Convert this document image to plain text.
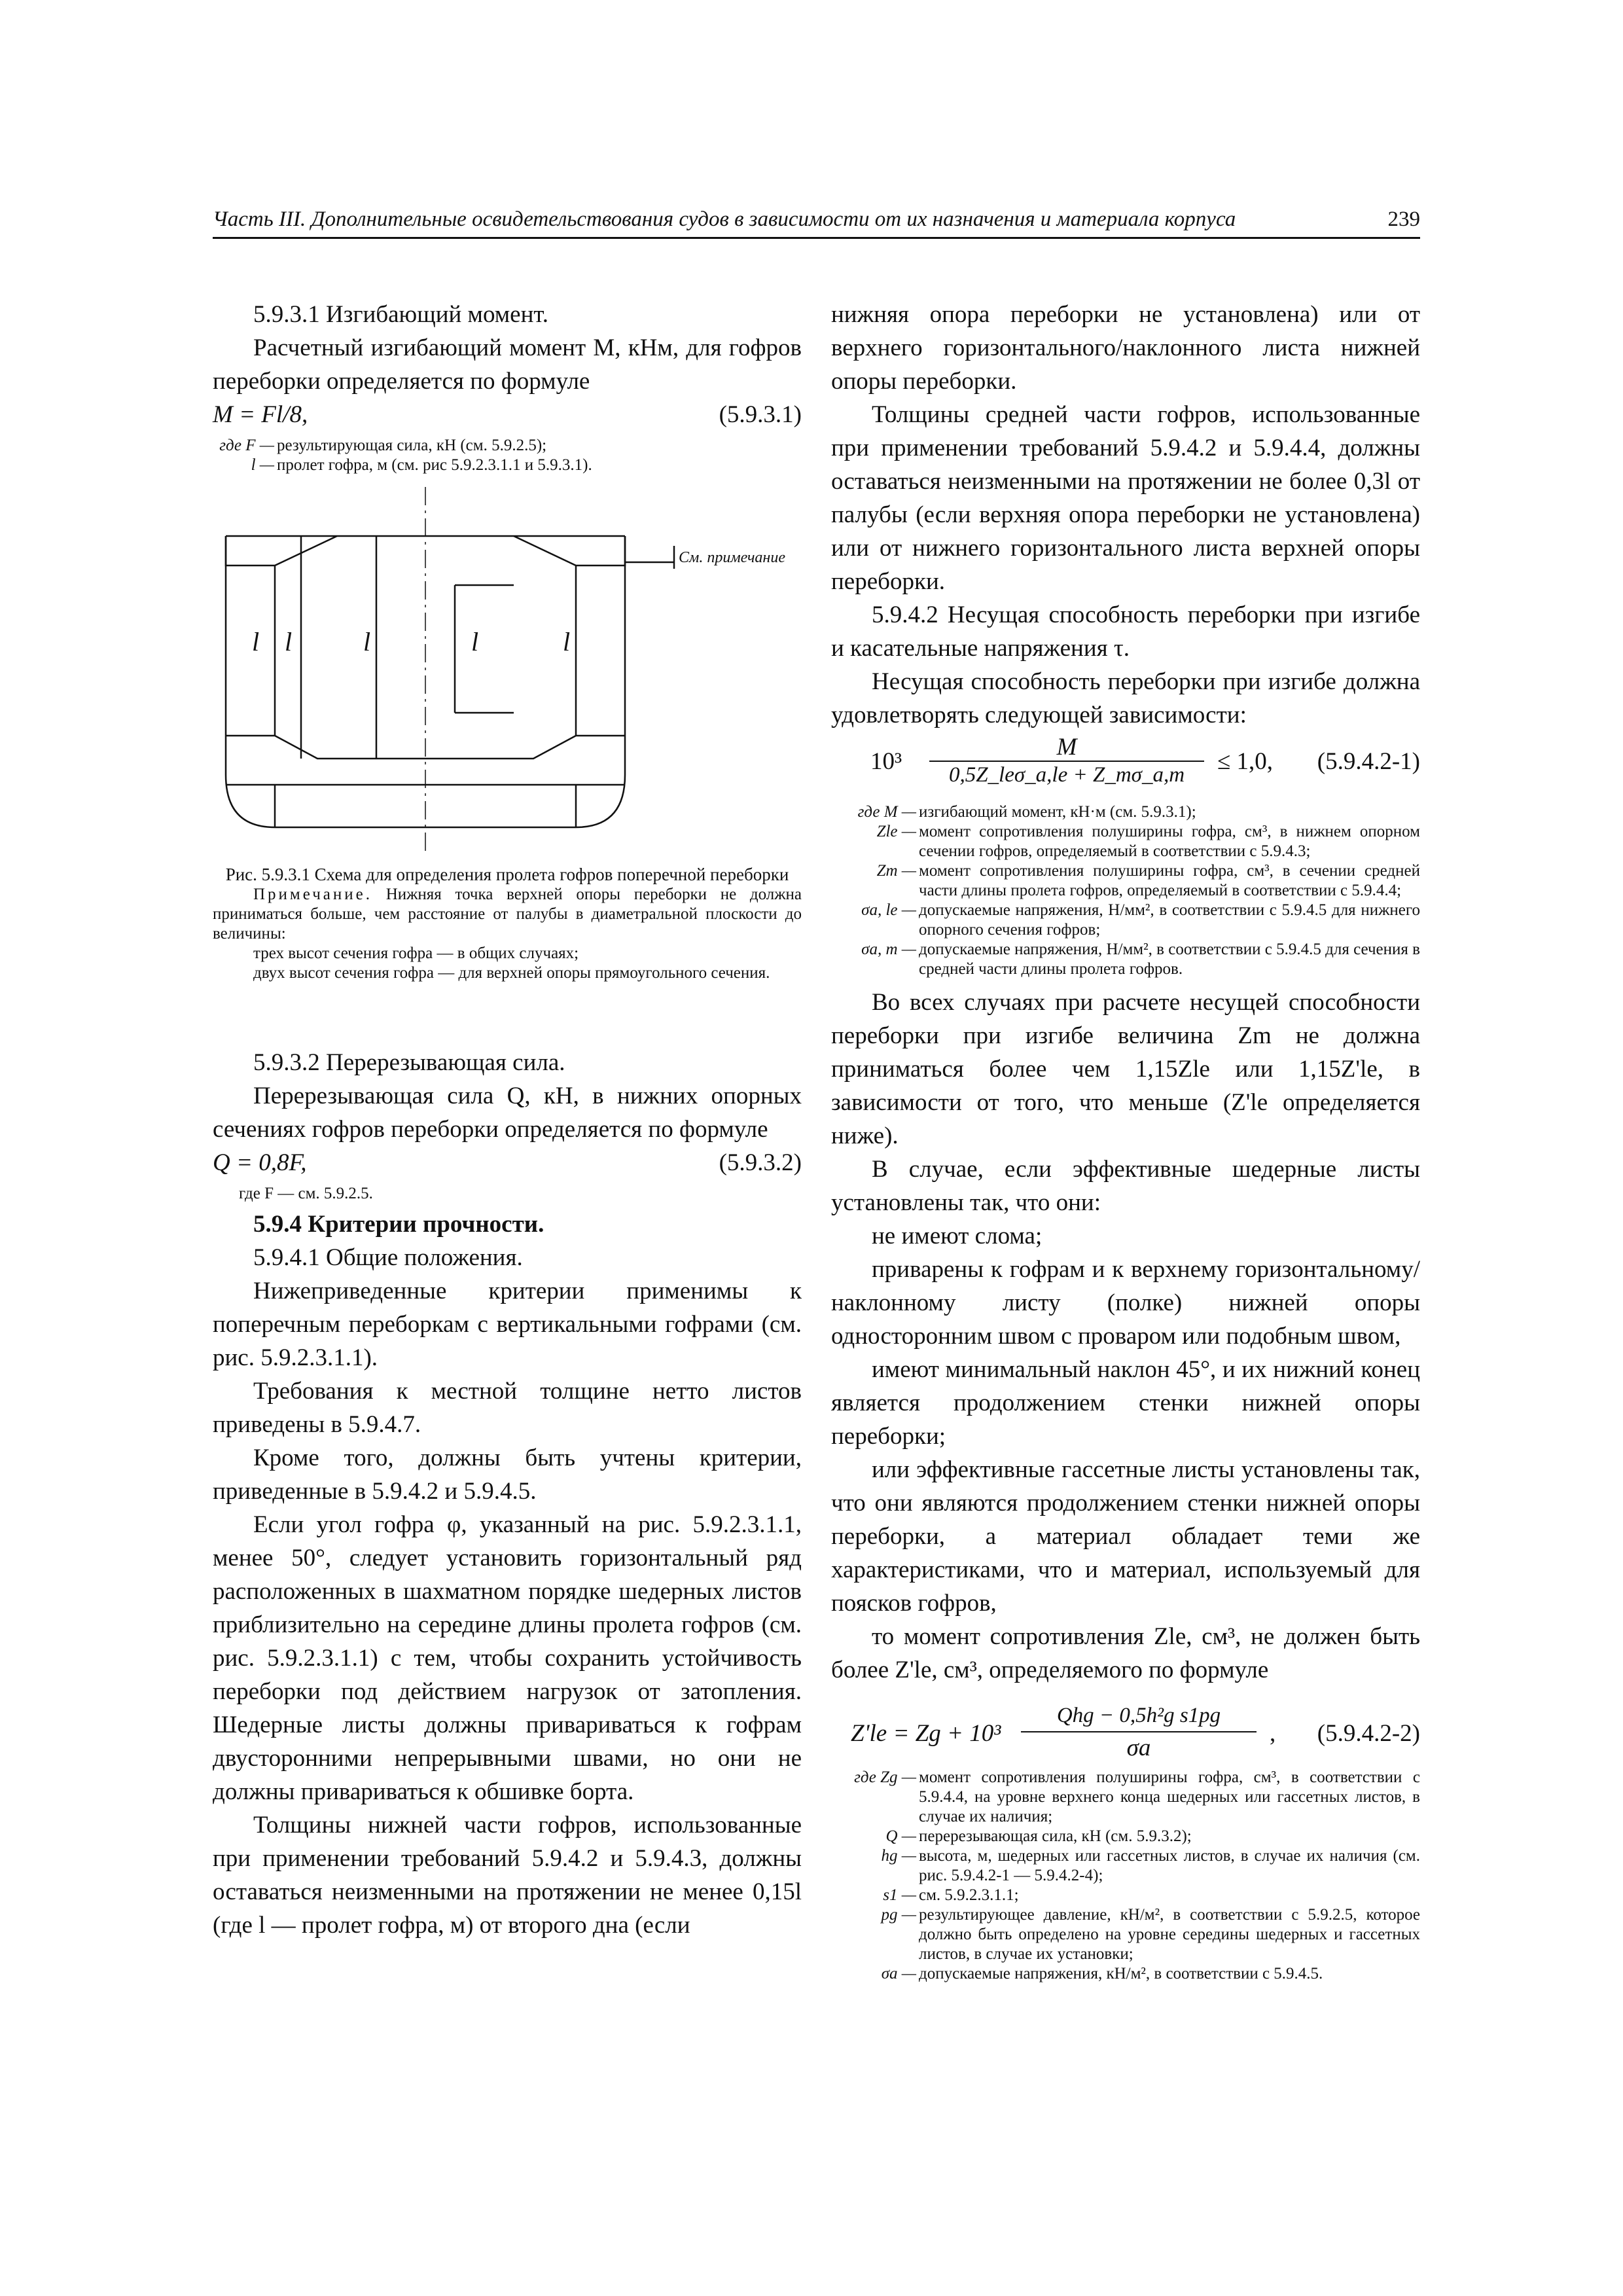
Часть III. Дополнительные освидетельствования судов в зависимости от их назначения и материала корпуса	239

5.9.3.1 Изгибающий момент.

Расчетный изгибающий момент M, кНм, для гофров переборки определяется по формуле

M = Fl/8,	(5.9.3.1)
где F — результирующая сила, кН (см. 5.9.2.5);
l — пролет гофра, м (см. рис 5.9.2.3.1.1 и 5.9.3.1).
l l	l	l	l
См. примечание

Рис. 5.9.3.1 Схема для определения пролета гофров поперечной переборки

Примечание. Нижняя точка верхней опоры переборки не должна приниматься больше, чем расстояние от палубы в диаметральной плоскости до величины:

трех высот сечения гофра — в общих случаях;

двух высот сечения гофра — для верхней опоры прямоугольного сечения.

5.9.3.2 Перерезывающая сила.

Перерезывающая сила Q, кН, в нижних опорных сечениях гофров переборки определяется по формуле

Q = 0,8F,	(5.9.3.2)

где F — см. 5.9.2.5.

5.9.4 Критерии прочности.

5.9.4.1 Общие положения.

Нижеприведенные критерии применимы к поперечным переборкам с вертикальными гофрами (см. рис. 5.9.2.3.1.1).

Требования к местной толщине нетто листов приведены в 5.9.4.7.

Кроме того, должны быть учтены критерии, приведенные в 5.9.4.2 и 5.9.4.5.

Если угол гофра φ, указанный на рис. 5.9.2.3.1.1, менее 50°, следует установить горизонтальный ряд расположенных в шахматном порядке шедерных листов приблизительно на середине длины пролета гофров (см. рис. 5.9.2.3.1.1) с тем, чтобы сохранить устойчивость переборки под действием нагрузок от затопления. Шедерные листы должны привариваться к гофрам двусторонними непрерывными швами, но они не должны привариваться к обшивке борта.

Толщины нижней части гофров, использованные при применении требований 5.9.4.2 и 5.9.4.3, должны оставаться неизменными на протяжении не менее 0,15l (где l — пролет гофра, м) от второго дна (если

нижняя опора переборки не установлена) или от верхнего горизонтального/наклонного листа нижней опоры переборки.

Толщины средней части гофров, использованные при применении требований 5.9.4.2 и 5.9.4.4, должны оставаться неизменными на протяжении не более 0,3l от палубы (если верхняя опора переборки не установлена) или от нижнего горизонтального листа верхней опоры переборки.

5.9.4.2 Несущая способность переборки при изгибе и касательные напряжения τ.

Несущая способность переборки при изгибе должна удовлетворять следующей зависимости:

10³
M
0,5Z_leσ_a,le + Z_mσ_a,m	≤ 1,0, (5.9.4.2-1)
где M — изгибающий момент, кН·м (см. 5.9.3.1);
Zle — момент сопротивления полуширины гофра, см³, в нижнем опорном сечении гофров, определяемый в соответствии с 5.9.4.3;
Zm — момент сопротивления полуширины гофра, см³, в сечении средней части длины пролета гофров, определяемый в соответствии с 5.9.4.4;
σa, le — допускаемые напряжения, Н/мм², в соответствии с 5.9.4.5 для нижнего опорного сечения гофров;
σa, m — допускаемые напряжения, Н/мм², в соответствии с 5.9.4.5 для сечения в средней части длины пролета гофров.

Во всех случаях при расчете несущей способности переборки при изгибе величина Zm не должна приниматься более чем 1,15Zle или 1,15Z'le, в зависимости от того, что меньше (Z'le определяется ниже).

В случае, если эффективные шедерные листы установлены так, что они:

не имеют слома;

приварены к гофрам и к верхнему горизонтальному/наклонному листу (полке) нижней опоры односторонним швом с проваром или подобным швом,

имеют минимальный наклон 45°, и их нижний конец является продолжением стенки нижней опоры переборки;

или эффективные гассетные листы установлены так, что они являются продолжением стенки нижней опоры переборки, а материал обладает теми же характеристиками, что и материал, используемый для поясков гофров,

то момент сопротивления Zle, см³, не должен быть более Z'le, см³, определяемого по формуле

Z'le = Zg + 10³
Qhg − 0,5h²g s1pg
σa
, (5.9.4.2-2)
где Zg — момент сопротивления полуширины гофра, см³, в соответствии с 5.9.4.4, на уровне верхнего конца шедерных или гассетных листов, в случае их наличия;
Q — перерезывающая сила, кН (см. 5.9.3.2);
hg — высота, м, шедерных или гассетных листов, в случае их наличия (см. рис. 5.9.4.2-1 — 5.9.4.2-4);
s1 — см. 5.9.2.3.1.1;
pg — результирующее давление, кН/м², в соответствии с 5.9.2.5, которое должно быть определено на уровне середины шедерных и гассетных листов, в случае их установки;
σa — допускаемые напряжения, кН/м², в соответствии с 5.9.4.5.
